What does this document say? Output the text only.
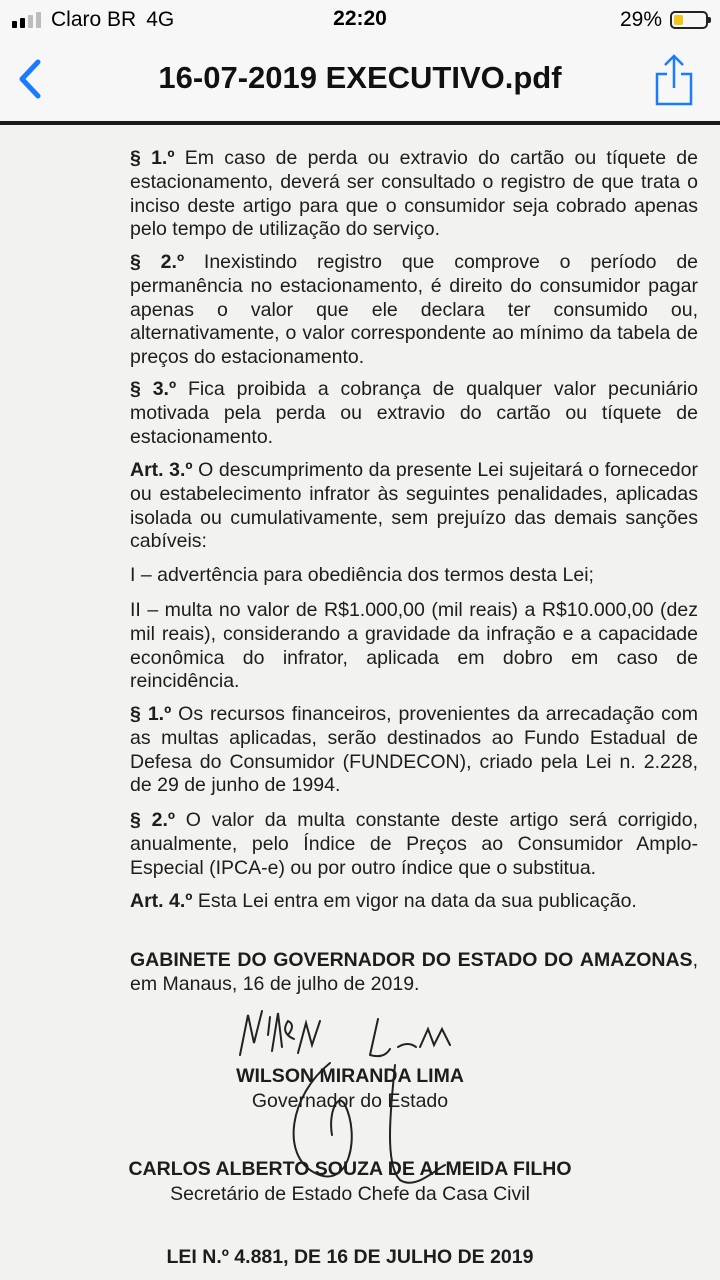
Claro BR 4G	22:20	29%
16-07-2019 EXECUTIVO.pdf

§ 1.º Em caso de perda ou extravio do cartão ou tíquete de estacionamento, deverá ser consultado o registro de que trata o inciso deste artigo para que o consumidor seja cobrado apenas pelo tempo de utilização do serviço.

§ 2.º Inexistindo registro que comprove o período de permanência no estacionamento, é direito do consumidor pagar apenas o valor que ele declara ter consumido ou, alternativamente, o valor correspondente ao mínimo da tabela de preços do estacionamento.

§ 3.º Fica proibida a cobrança de qualquer valor pecuniário motivada pela perda ou extravio do cartão ou tíquete de estacionamento.

Art. 3.º O descumprimento da presente Lei sujeitará o fornecedor ou estabelecimento infrator às seguintes penalidades, aplicadas isolada ou cumulativamente, sem prejuízo das demais sanções cabíveis:

I – advertência para obediência dos termos desta Lei;

II – multa no valor de R$1.000,00 (mil reais) a R$10.000,00 (dez mil reais), considerando a gravidade da infração e a capacidade econômica do infrator, aplicada em dobro em caso de reincidência.

§ 1.º Os recursos financeiros, provenientes da arrecadação com as multas aplicadas, serão destinados ao Fundo Estadual de Defesa do Consumidor (FUNDECON), criado pela Lei n. 2.228, de 29 de junho de 1994.

§ 2.º O valor da multa constante deste artigo será corrigido, anualmente, pelo Índice de Preços ao Consumidor Amplo-Especial (IPCA-e) ou por outro índice que o substitua.

Art. 4.º Esta Lei entra em vigor na data da sua publicação.

GABINETE DO GOVERNADOR DO ESTADO DO AMAZONAS, em Manaus, 16 de julho de 2019.

WILSON MIRANDA LIMA

Governador do Estado

CARLOS ALBERTO SOUZA DE ALMEIDA FILHO

Secretário de Estado Chefe da Casa Civil

LEI N.º 4.881, DE 16 DE JULHO DE 2019
